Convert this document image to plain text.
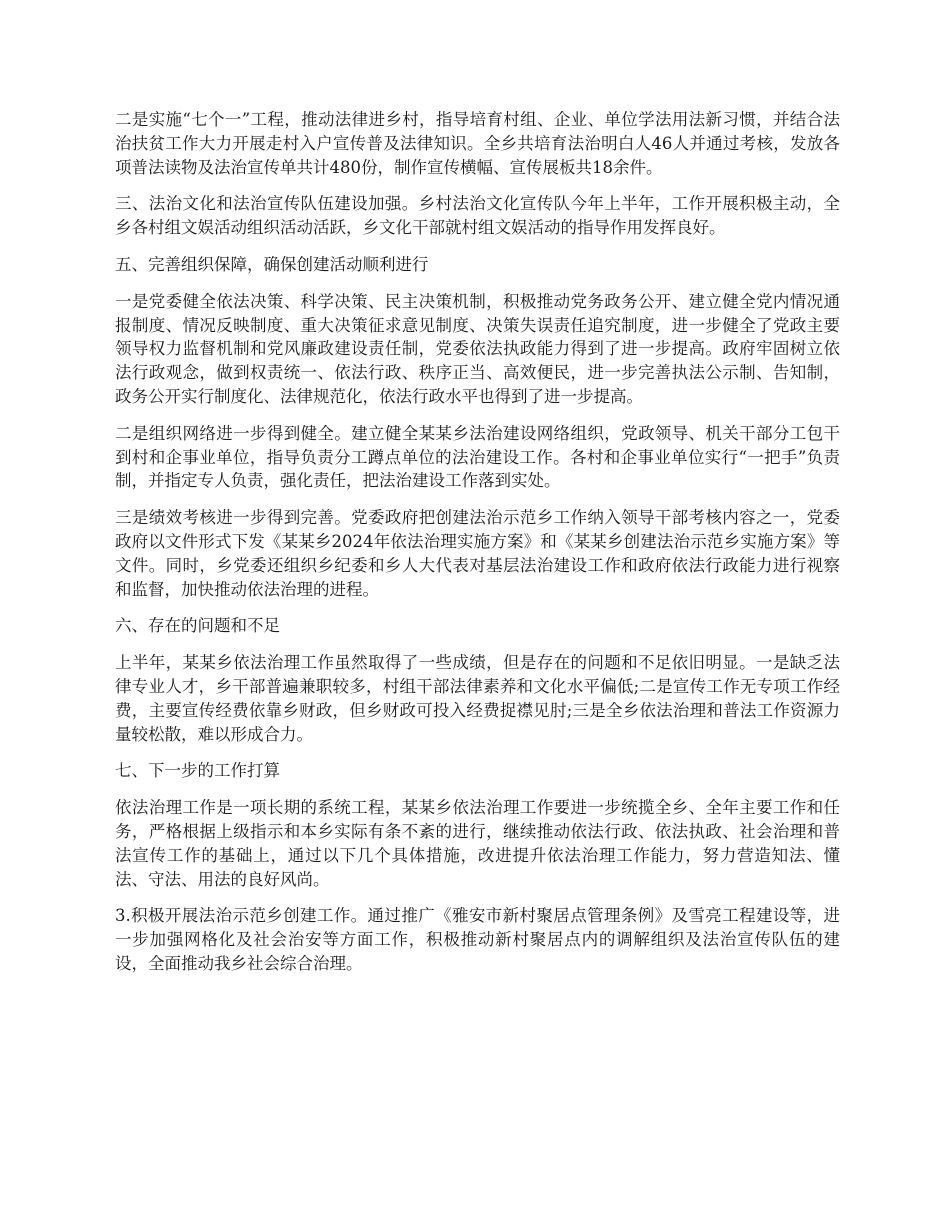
二是实施“七个一”工程，推动法律进乡村，指导培育村组、企业、单位学法用法新习惯，并结合法治扶贫工作大力开展走村入户宣传普及法律知识。全乡共培育法治明白人46人并通过考核，发放各项普法读物及法治宣传单共计480份，制作宣传横幅、宣传展板共18余件。

三、法治文化和法治宣传队伍建设加强。乡村法治文化宣传队今年上半年，工作开展积极主动，全乡各村组文娱活动组织活动活跃，乡文化干部就村组文娱活动的指导作用发挥良好。

五、完善组织保障，确保创建活动顺利进行

一是党委健全依法决策、科学决策、民主决策机制，积极推动党务政务公开、建立健全党内情况通报制度、情况反映制度、重大决策征求意见制度、决策失误责任追究制度，进一步健全了党政主要领导权力监督机制和党风廉政建设责任制，党委依法执政能力得到了进一步提高。政府牢固树立依法行政观念，做到权责统一、依法行政、秩序正当、高效便民，进一步完善执法公示制、告知制，政务公开实行制度化、法律规范化，依法行政水平也得到了进一步提高。

二是组织网络进一步得到健全。建立健全某某乡法治建设网络组织，党政领导、机关干部分工包干到村和企事业单位，指导负责分工蹲点单位的法治建设工作。各村和企事业单位实行“一把手”负责制，并指定专人负责，强化责任，把法治建设工作落到实处。

三是绩效考核进一步得到完善。党委政府把创建法治示范乡工作纳入领导干部考核内容之一，党委政府以文件形式下发《某某乡2024年依法治理实施方案》和《某某乡创建法治示范乡实施方案》等文件。同时，乡党委还组织乡纪委和乡人大代表对基层法治建设工作和政府依法行政能力进行视察和监督，加快推动依法治理的进程。

六、存在的问题和不足

上半年，某某乡依法治理工作虽然取得了一些成绩，但是存在的问题和不足依旧明显。一是缺乏法律专业人才，乡干部普遍兼职较多，村组干部法律素养和文化水平偏低;二是宣传工作无专项工作经费，主要宣传经费依靠乡财政，但乡财政可投入经费捉襟见肘;三是全乡依法治理和普法工作资源力量较松散，难以形成合力。

七、下一步的工作打算

依法治理工作是一项长期的系统工程，某某乡依法治理工作要进一步统揽全乡、全年主要工作和任务，严格根据上级指示和本乡实际有条不紊的进行，继续推动依法行政、依法执政、社会治理和普法宣传工作的基础上，通过以下几个具体措施，改进提升依法治理工作能力，努力营造知法、懂法、守法、用法的良好风尚。

3.积极开展法治示范乡创建工作。通过推广《雅安市新村聚居点管理条例》及雪亮工程建设等，进一步加强网格化及社会治安等方面工作，积极推动新村聚居点内的调解组织及法治宣传队伍的建设，全面推动我乡社会综合治理。
